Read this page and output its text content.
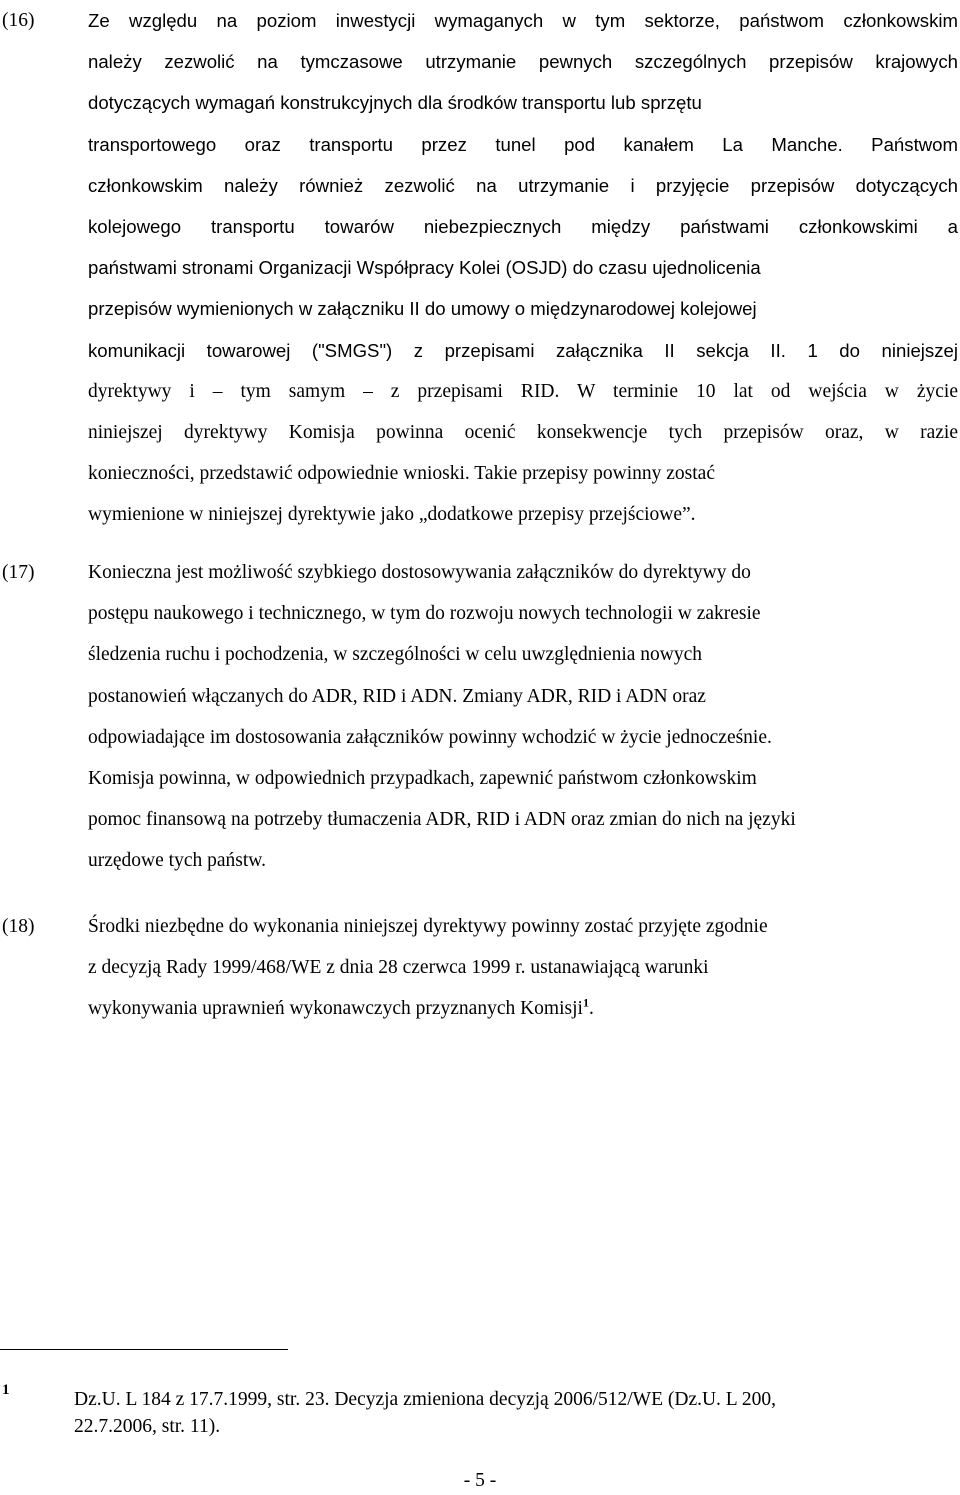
(16)	Ze względu na poziom inwestycji wymaganych w tym sektorze, państwom członkowskim
należy zezwolić na tymczasowe utrzymanie pewnych szczególnych przepisów krajowych
dotyczących wymagań konstrukcyjnych dla środków transportu lub sprzętu
transportowego oraz transportu przez tunel pod kanałem La Manche. Państwom
członkowskim należy również zezwolić na utrzymanie i przyjęcie przepisów dotyczących
kolejowego transportu towarów niebezpiecznych między państwami członkowskimi a
państwami stronami Organizacji Współpracy Kolei (OSJD) do czasu ujednolicenia
przepisów wymienionych w załączniku II do umowy o międzynarodowej kolejowej
komunikacji towarowej ("SMGS") z przepisami załącznika II sekcja II. 1 do niniejszej
dyrektywy i – tym samym – z przepisami RID. W terminie 10 lat od wejścia w życie
niniejszej dyrektywy Komisja powinna ocenić konsekwencje tych przepisów oraz, w razie
konieczności, przedstawić odpowiednie wnioski. Takie przepisy powinny zostać
wymienione w niniejszej dyrektywie jako „dodatkowe przepisy przejściowe”.
(17)	Konieczna jest możliwość szybkiego dostosowywania załączników do dyrektywy do
postępu naukowego i technicznego, w tym do rozwoju nowych technologii w zakresie
śledzenia ruchu i pochodzenia, w szczególności w celu uwzględnienia nowych
postanowień włączanych do ADR, RID i ADN. Zmiany ADR, RID i ADN oraz
odpowiadające im dostosowania załączników powinny wchodzić w życie jednocześnie.
Komisja powinna, w odpowiednich przypadkach, zapewnić państwom członkowskim
pomoc finansową na potrzeby tłumaczenia ADR, RID i ADN oraz zmian do nich na języki
urzędowe tych państw.
(18)	Środki niezbędne do wykonania niniejszej dyrektywy powinny zostać przyjęte zgodnie
z decyzją Rady 1999/468/WE z dnia 28 czerwca 1999 r. ustanawiającą warunki
wykonywania uprawnień wykonawczych przyznanych Komisji$^1$.
1	Dz.U. L 184 z 17.7.1999, str. 23. Decyzja zmieniona decyzją 2006/512/WE (Dz.U. L 200,
22.7.2006, str. 11).
- 5 -
